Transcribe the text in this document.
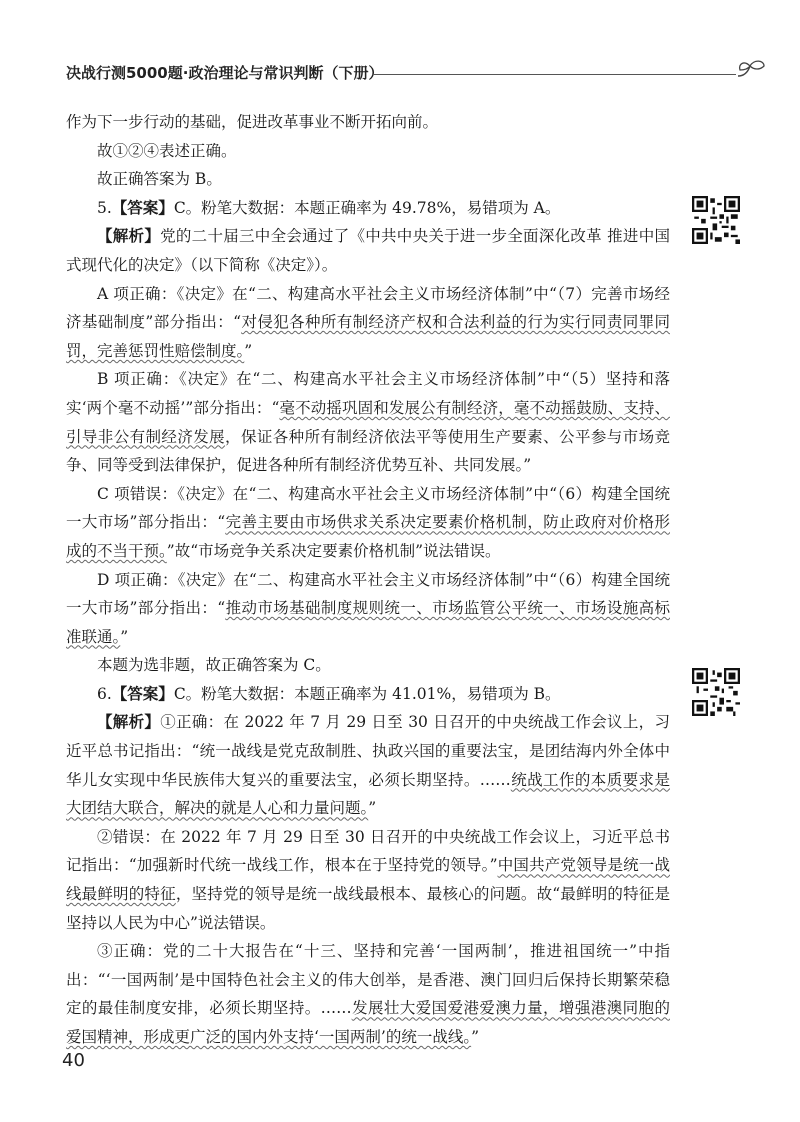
决战行测5000题·政治理论与常识判断（下册）

作为下一步行动的基础，促进改革事业不断开拓向前。

故①②④表述正确。

故正确答案为 B。

5.【答案】C。粉笔大数据：本题正确率为 49.78%，易错项为 A。

【解析】党的二十届三中全会通过了《中共中央关于进一步全面深化改革 推进中国式现代化的决定》（以下简称《决定》）。

A 项正确：《决定》在“二、构建高水平社会主义市场经济体制”中“（7）完善市场经济基础制度”部分指出：“对侵犯各种所有制经济产权和合法利益的行为实行同责同罪同罚，完善惩罚性赔偿制度。”

B 项正确：《决定》在“二、构建高水平社会主义市场经济体制”中“（5）坚持和落实‘两个毫不动摇’”部分指出：“毫不动摇巩固和发展公有制经济，毫不动摇鼓励、支持、引导非公有制经济发展，保证各种所有制经济依法平等使用生产要素、公平参与市场竞争、同等受到法律保护，促进各种所有制经济优势互补、共同发展。”

C 项错误：《决定》在“二、构建高水平社会主义市场经济体制”中“（6）构建全国统一大市场”部分指出：“完善主要由市场供求关系决定要素价格机制，防止政府对价格形成的不当干预。”故“市场竞争关系决定要素价格机制”说法错误。

D 项正确：《决定》在“二、构建高水平社会主义市场经济体制”中“（6）构建全国统一大市场”部分指出：“推动市场基础制度规则统一、市场监管公平统一、市场设施高标准联通。”

本题为选非题，故正确答案为 C。

6.【答案】C。粉笔大数据：本题正确率为 41.01%，易错项为 B。

【解析】①正确：在 2022 年 7 月 29 日至 30 日召开的中央统战工作会议上，习近平总书记指出：“统一战线是党克敌制胜、执政兴国的重要法宝，是团结海内外全体中华儿女实现中华民族伟大复兴的重要法宝，必须长期坚持。……统战工作的本质要求是大团结大联合，解决的就是人心和力量问题。”

②错误：在 2022 年 7 月 29 日至 30 日召开的中央统战工作会议上，习近平总书记指出：“加强新时代统一战线工作，根本在于坚持党的领导。”中国共产党领导是统一战线最鲜明的特征，坚持党的领导是统一战线最根本、最核心的问题。故“最鲜明的特征是坚持以人民为中心”说法错误。

③正确：党的二十大报告在“十三、坚持和完善‘一国两制’，推进祖国统一”中指出：“‘一国两制’是中国特色社会主义的伟大创举，是香港、澳门回归后保持长期繁荣稳定的最佳制度安排，必须长期坚持。……发展壮大爱国爱港爱澳力量，增强港澳同胞的爱国精神，形成更广泛的国内外支持‘一国两制’的统一战线。”

40
